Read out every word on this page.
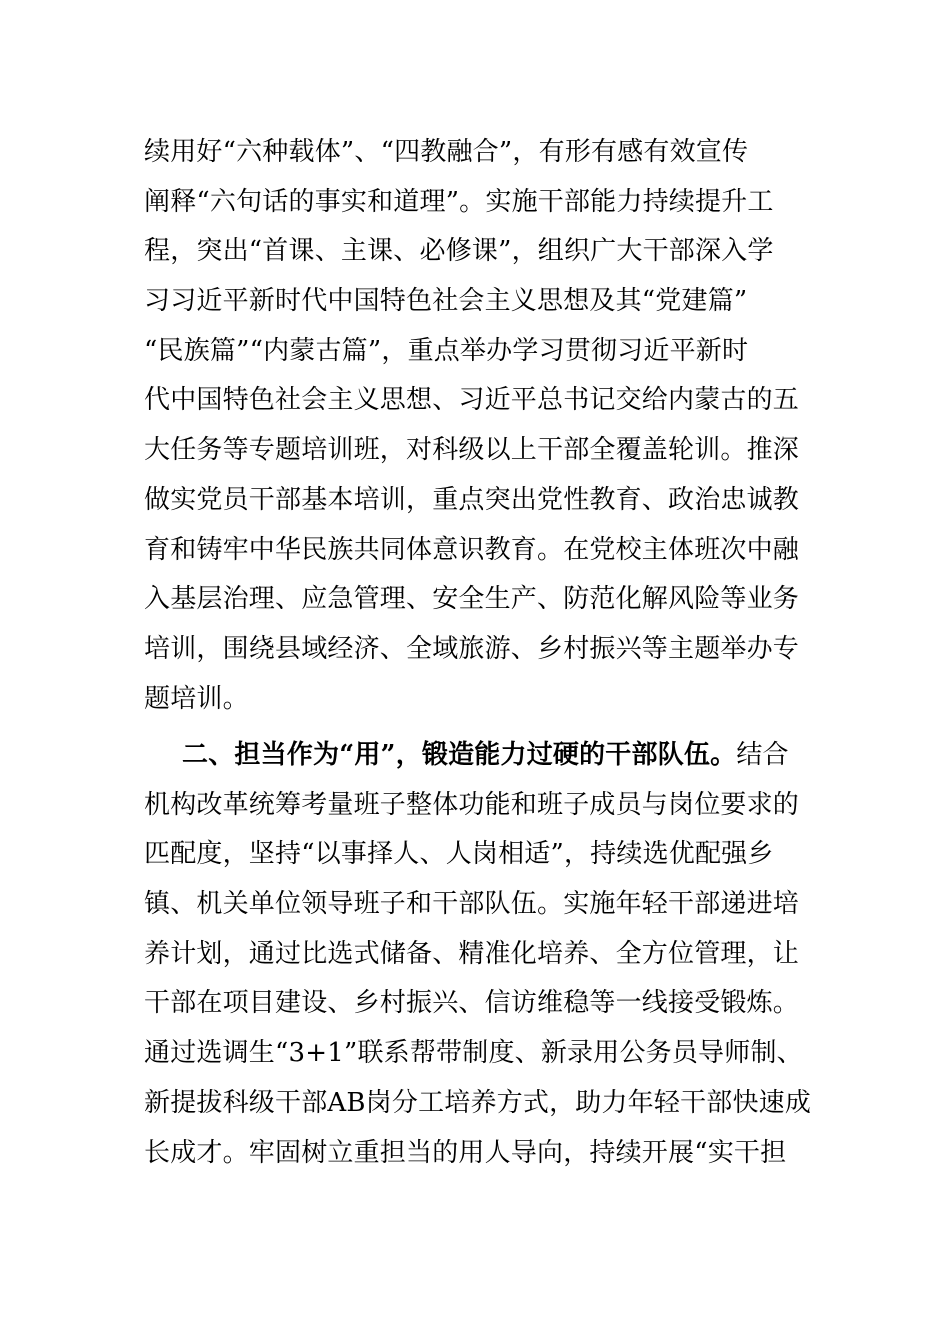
续用好“六种载体”、“四教融合”，有形有感有效宣传
阐释“六句话的事实和道理”。实施干部能力持续提升工
程，突出“首课、主课、必修课”，组织广大干部深入学
习习近平新时代中国特色社会主义思想及其“党建篇”
“民族篇”“内蒙古篇”，重点举办学习贯彻习近平新时
代中国特色社会主义思想、习近平总书记交给内蒙古的五
大任务等专题培训班，对科级以上干部全覆盖轮训。推深
做实党员干部基本培训，重点突出党性教育、政治忠诚教
育和铸牢中华民族共同体意识教育。在党校主体班次中融
入基层治理、应急管理、安全生产、防范化解风险等业务
培训，围绕县域经济、全域旅游、乡村振兴等主题举办专
题培训。
二、担当作为“用”，锻造能力过硬的干部队伍。结合
机构改革统筹考量班子整体功能和班子成员与岗位要求的
匹配度，坚持“以事择人、人岗相适”，持续选优配强乡
镇、机关单位领导班子和干部队伍。实施年轻干部递进培
养计划，通过比选式储备、精准化培养、全方位管理，让
干部在项目建设、乡村振兴、信访维稳等一线接受锻炼。
通过选调生“3+1”联系帮带制度、新录用公务员导师制、
新提拔科级干部AB岗分工培养方式，助力年轻干部快速成
长成才。牢固树立重担当的用人导向，持续开展“实干担
